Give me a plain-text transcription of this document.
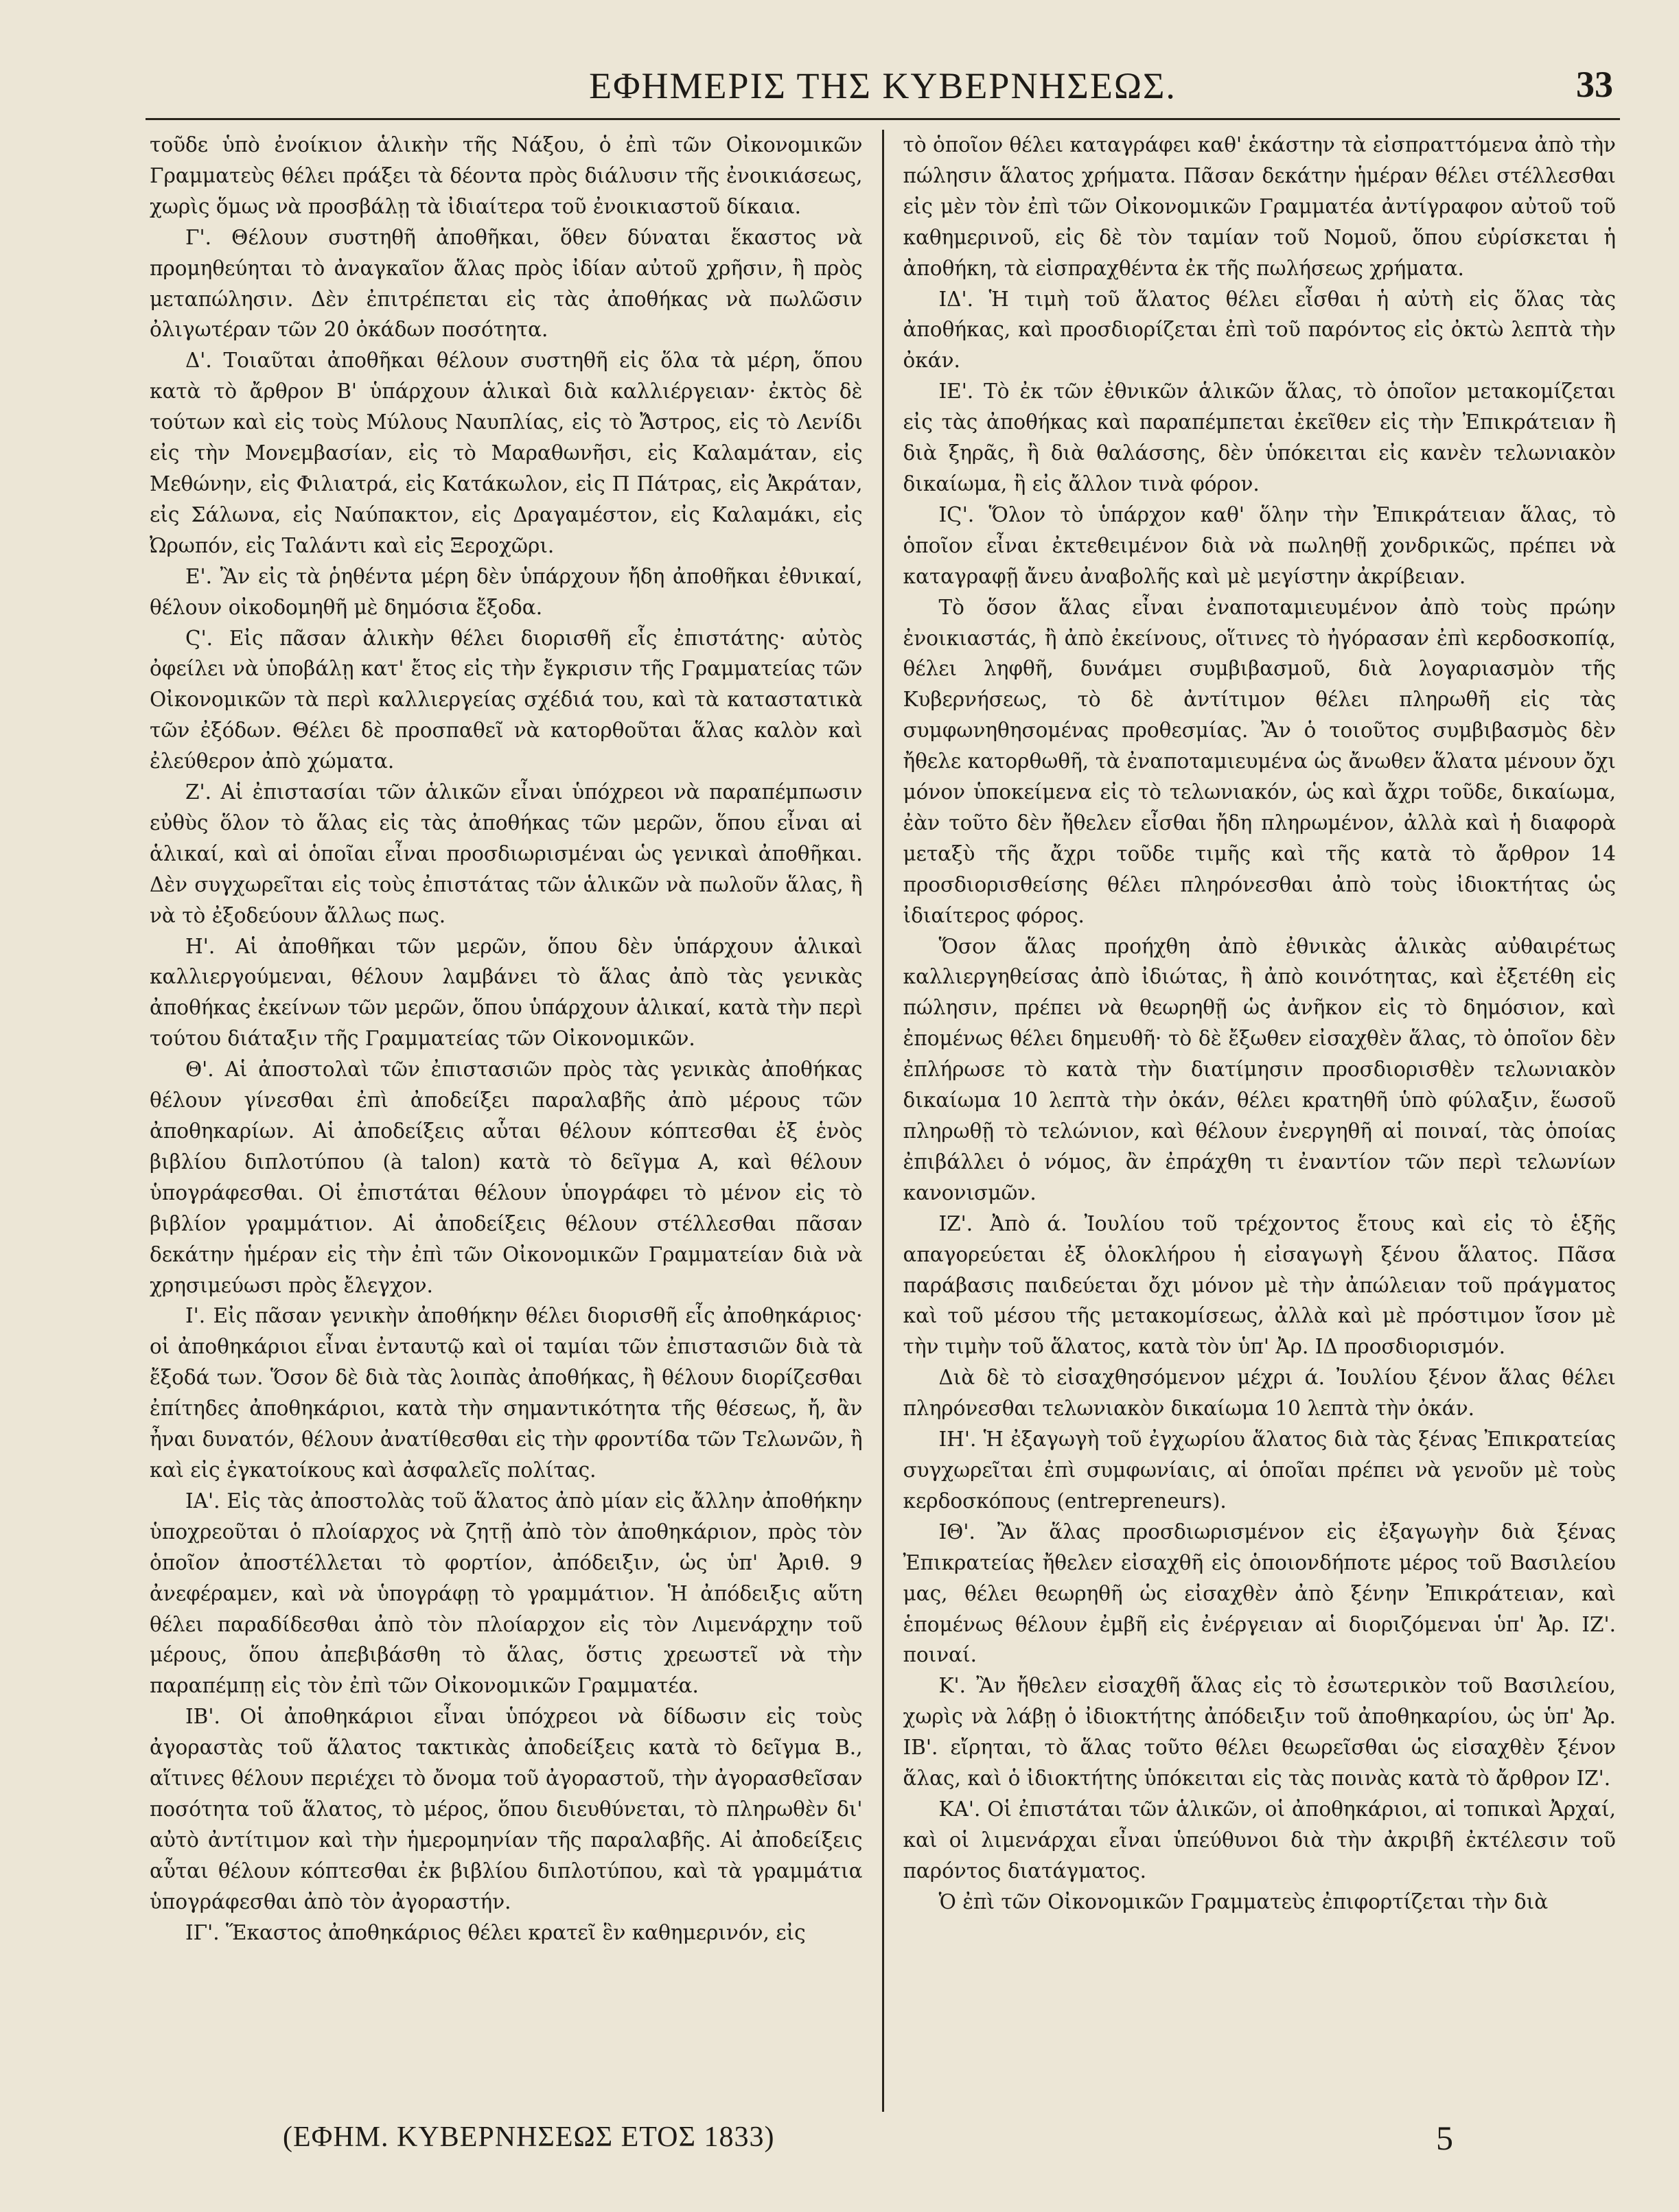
ΕΦΗΜΕΡΙΣ ΤΗΣ ΚΥΒΕΡΝΗΣΕΩΣ.	33

τοῦδε ὑπὸ ἐνοίκιον ἁλικὴν τῆς Νάξου, ὁ ἐπὶ τῶν Οἰκονομικῶν Γραμματεὺς θέλει πράξει τὰ δέοντα πρὸς διάλυσιν τῆς ἐνοικιάσεως, χωρὶς ὅμως νὰ προσβάλῃ τὰ ἰδιαίτερα τοῦ ἐνοικιαστοῦ δίκαια.

Γ'. Θέλουν συστηθῆ ἀποθῆκαι, ὅθεν δύναται ἕκαστος νὰ προμηθεύηται τὸ ἀναγκαῖον ἅλας πρὸς ἰδίαν αὐτοῦ χρῆσιν, ἢ πρὸς μεταπώλησιν. Δὲν ἐπιτρέπεται εἰς τὰς ἀποθήκας νὰ πωλῶσιν ὀλιγωτέραν τῶν 20 ὀκάδων ποσότητα.

Δ'. Τοιαῦται ἀποθῆκαι θέλουν συστηθῆ εἰς ὅλα τὰ μέρη, ὅπου κατὰ τὸ ἄρθρον Β' ὑπάρχουν ἁλικαὶ διὰ καλλιέργειαν· ἐκτὸς δὲ τούτων καὶ εἰς τοὺς Μύλους Ναυπλίας, εἰς τὸ Ἄστρος, εἰς τὸ Λενίδι εἰς τὴν Μονεμβασίαν, εἰς τὸ Μαραθωνῆσι, εἰς Καλαμάταν, εἰς Μεθώνην, εἰς Φιλιατρά, εἰς Κατάκωλον, εἰς Π Πάτρας, εἰς Ἀκράταν, εἰς Σάλωνα, εἰς Ναύπακτον, εἰς Δραγαμέστον, εἰς Καλαμάκι, εἰς Ὠρωπόν, εἰς Ταλάντι καὶ εἰς Ξεροχῶρι.

Ε'. Ἂν εἰς τὰ ῥηθέντα μέρη δὲν ὑπάρχουν ἤδη ἀποθῆκαι ἐθνικαί, θέλουν οἰκοδομηθῆ μὲ δημόσια ἔξοδα.

Ϛ'. Εἰς πᾶσαν ἁλικὴν θέλει διορισθῆ εἷς ἐπιστάτης· αὐτὸς ὀφείλει νὰ ὑποβάλῃ κατ' ἔτος εἰς τὴν ἔγκρισιν τῆς Γραμματείας τῶν Οἰκονομικῶν τὰ περὶ καλλιεργείας σχέδιά του, καὶ τὰ καταστατικὰ τῶν ἐξόδων. Θέλει δὲ προσπαθεῖ νὰ κατορθοῦται ἅλας καλὸν καὶ ἐλεύθερον ἀπὸ χώματα.

Ζ'. Αἱ ἐπιστασίαι τῶν ἁλικῶν εἶναι ὑπόχρεοι νὰ παραπέμπωσιν εὐθὺς ὅλον τὸ ἅλας εἰς τὰς ἀποθήκας τῶν μερῶν, ὅπου εἶναι αἱ ἁλικαί, καὶ αἱ ὁποῖαι εἶναι προσδιωρισμέναι ὡς γενικαὶ ἀποθῆκαι. Δὲν συγχωρεῖται εἰς τοὺς ἐπιστάτας τῶν ἁλικῶν νὰ πωλοῦν ἅλας, ἢ νὰ τὸ ἐξοδεύουν ἄλλως πως.

Η'. Αἱ ἀποθῆκαι τῶν μερῶν, ὅπου δὲν ὑπάρχουν ἁλικαὶ καλλιεργούμεναι, θέλουν λαμβάνει τὸ ἅλας ἀπὸ τὰς γενικὰς ἀποθήκας ἐκείνων τῶν μερῶν, ὅπου ὑπάρχουν ἁλικαί, κατὰ τὴν περὶ τούτου διάταξιν τῆς Γραμματείας τῶν Οἰκονομικῶν.

Θ'. Αἱ ἀποστολαὶ τῶν ἐπιστασιῶν πρὸς τὰς γενικὰς ἀποθήκας θέλουν γίνεσθαι ἐπὶ ἀποδείξει παραλαβῆς ἀπὸ μέρους τῶν ἀποθηκαρίων. Αἱ ἀποδείξεις αὗται θέλουν κόπτεσθαι ἐξ ἑνὸς βιβλίου διπλοτύπου (à talon) κατὰ τὸ δεῖγμα Α, καὶ θέλουν ὑπογράφεσθαι. Οἱ ἐπιστάται θέλουν ὑπογράφει τὸ μένον εἰς τὸ βιβλίον γραμμάτιον. Αἱ ἀποδείξεις θέλουν στέλλεσθαι πᾶσαν δεκάτην ἡμέραν εἰς τὴν ἐπὶ τῶν Οἰκονομικῶν Γραμματείαν διὰ νὰ χρησιμεύωσι πρὸς ἔλεγχον.

Ι'. Εἰς πᾶσαν γενικὴν ἀποθήκην θέλει διορισθῆ εἷς ἀποθηκάριος· οἱ ἀποθηκάριοι εἶναι ἐνταυτῷ καὶ οἱ ταμίαι τῶν ἐπιστασιῶν διὰ τὰ ἔξοδά των. Ὅσον δὲ διὰ τὰς λοιπὰς ἀποθήκας, ἢ θέλουν διορίζεσθαι ἐπίτηδες ἀποθηκάριοι, κατὰ τὴν σημαντικότητα τῆς θέσεως, ἤ, ἂν ἦναι δυνατόν, θέλουν ἀνατίθεσθαι εἰς τὴν φροντίδα τῶν Τελωνῶν, ἢ καὶ εἰς ἐγκατοίκους καὶ ἀσφαλεῖς πολίτας.

ΙΑ'. Εἰς τὰς ἀποστολὰς τοῦ ἅλατος ἀπὸ μίαν εἰς ἄλλην ἀποθήκην ὑποχρεοῦται ὁ πλοίαρχος νὰ ζητῇ ἀπὸ τὸν ἀποθηκάριον, πρὸς τὸν ὁποῖον ἀποστέλλεται τὸ φορτίον, ἀπόδειξιν, ὡς ὑπ' Ἀριθ. 9 ἀνεφέραμεν, καὶ νὰ ὑπογράφῃ τὸ γραμμάτιον. Ἡ ἀπόδειξις αὕτη θέλει παραδίδεσθαι ἀπὸ τὸν πλοίαρχον εἰς τὸν Λιμενάρχην τοῦ μέρους, ὅπου ἀπεβιβάσθη τὸ ἅλας, ὅστις χρεωστεῖ νὰ τὴν παραπέμπῃ εἰς τὸν ἐπὶ τῶν Οἰκονομικῶν Γραμματέα.

ΙΒ'. Οἱ ἀποθηκάριοι εἶναι ὑπόχρεοι νὰ δίδωσιν εἰς τοὺς ἀγοραστὰς τοῦ ἅλατος τακτικὰς ἀποδείξεις κατὰ τὸ δεῖγμα Β., αἵτινες θέλουν περιέχει τὸ ὄνομα τοῦ ἀγοραστοῦ, τὴν ἀγορασθεῖσαν ποσότητα τοῦ ἅλατος, τὸ μέρος, ὅπου διευθύνεται, τὸ πληρωθὲν δι' αὐτὸ ἀντίτιμον καὶ τὴν ἡμερομηνίαν τῆς παραλαβῆς. Αἱ ἀποδείξεις αὗται θέλουν κόπτεσθαι ἐκ βιβλίου διπλοτύπου, καὶ τὰ γραμμάτια ὑπογράφεσθαι ἀπὸ τὸν ἀγοραστήν.

ΙΓ'. Ἕκαστος ἀποθηκάριος θέλει κρατεῖ ἓν καθημερινόν, εἰς

τὸ ὁποῖον θέλει καταγράφει καθ' ἑκάστην τὰ εἰσπραττόμενα ἀπὸ τὴν πώλησιν ἅλατος χρήματα. Πᾶσαν δεκάτην ἡμέραν θέλει στέλλεσθαι εἰς μὲν τὸν ἐπὶ τῶν Οἰκονομικῶν Γραμματέα ἀντίγραφον αὐτοῦ τοῦ καθημερινοῦ, εἰς δὲ τὸν ταμίαν τοῦ Νομοῦ, ὅπου εὑρίσκεται ἡ ἀποθήκη, τὰ εἰσπραχθέντα ἐκ τῆς πωλήσεως χρήματα.

ΙΔ'. Ἡ τιμὴ τοῦ ἅλατος θέλει εἶσθαι ἡ αὐτὴ εἰς ὅλας τὰς ἀποθήκας, καὶ προσδιορίζεται ἐπὶ τοῦ παρόντος εἰς ὀκτὼ λεπτὰ τὴν ὀκάν.

ΙΕ'. Τὸ ἐκ τῶν ἐθνικῶν ἁλικῶν ἅλας, τὸ ὁποῖον μετακομίζεται εἰς τὰς ἀποθήκας καὶ παραπέμπεται ἐκεῖθεν εἰς τὴν Ἐπικράτειαν ἢ διὰ ξηρᾶς, ἢ διὰ θαλάσσης, δὲν ὑπόκειται εἰς κανὲν τελωνιακὸν δικαίωμα, ἢ εἰς ἄλλον τινὰ φόρον.

ΙϚ'. Ὅλον τὸ ὑπάρχον καθ' ὅλην τὴν Ἐπικράτειαν ἅλας, τὸ ὁποῖον εἶναι ἐκτεθειμένον διὰ νὰ πωληθῇ χονδρικῶς, πρέπει νὰ καταγραφῇ ἄνευ ἀναβολῆς καὶ μὲ μεγίστην ἀκρίβειαν.

Τὸ ὅσον ἅλας εἶναι ἐναποταμιευμένον ἀπὸ τοὺς πρώην ἐνοικιαστάς, ἢ ἀπὸ ἐκείνους, οἵτινες τὸ ἠγόρασαν ἐπὶ κερδοσκοπίᾳ, θέλει ληφθῆ, δυνάμει συμβιβασμοῦ, διὰ λογαριασμὸν τῆς Κυβερνήσεως, τὸ δὲ ἀντίτιμον θέλει πληρωθῆ εἰς τὰς συμφωνηθησομένας προθεσμίας. Ἂν ὁ τοιοῦτος συμβιβασμὸς δὲν ἤθελε κατορθωθῆ, τὰ ἐναποταμιευμένα ὡς ἄνωθεν ἅλατα μένουν ὄχι μόνον ὑποκείμενα εἰς τὸ τελωνιακόν, ὡς καὶ ἄχρι τοῦδε, δικαίωμα, ἐὰν τοῦτο δὲν ἤθελεν εἶσθαι ἤδη πληρωμένον, ἀλλὰ καὶ ἡ διαφορὰ μεταξὺ τῆς ἄχρι τοῦδε τιμῆς καὶ τῆς κατὰ τὸ ἄρθρον 14 προσδιορισθείσης θέλει πληρόνεσθαι ἀπὸ τοὺς ἰδιοκτήτας ὡς ἰδιαίτερος φόρος.

Ὅσον ἅλας προήχθη ἀπὸ ἐθνικὰς ἁλικὰς αὐθαιρέτως καλλιεργηθείσας ἀπὸ ἰδιώτας, ἢ ἀπὸ κοινότητας, καὶ ἐξετέθη εἰς πώλησιν, πρέπει νὰ θεωρηθῇ ὡς ἀνῆκον εἰς τὸ δημόσιον, καὶ ἐπομένως θέλει δημευθῆ· τὸ δὲ ἔξωθεν εἰσαχθὲν ἅλας, τὸ ὁποῖον δὲν ἐπλήρωσε τὸ κατὰ τὴν διατίμησιν προσδιορισθὲν τελωνιακὸν δικαίωμα 10 λεπτὰ τὴν ὀκάν, θέλει κρατηθῆ ὑπὸ φύλαξιν, ἕωσοῦ πληρωθῇ τὸ τελώνιον, καὶ θέλουν ἐνεργηθῆ αἱ ποιναί, τὰς ὁποίας ἐπιβάλλει ὁ νόμος, ἂν ἐπράχθη τι ἐναντίον τῶν περὶ τελωνίων κανονισμῶν.

ΙΖ'. Ἀπὸ ά. Ἰουλίου τοῦ τρέχοντος ἔτους καὶ εἰς τὸ ἑξῆς απαγορεύεται ἐξ ὁλοκλήρου ἡ εἰσαγωγὴ ξένου ἅλατος. Πᾶσα παράβασις παιδεύεται ὄχι μόνον μὲ τὴν ἀπώλειαν τοῦ πράγματος καὶ τοῦ μέσου τῆς μετακομίσεως, ἀλλὰ καὶ μὲ πρόστιμον ἴσον μὲ τὴν τιμὴν τοῦ ἅλατος, κατὰ τὸν ὑπ' Ἀρ. ΙΔ προσδιορισμόν.

Διὰ δὲ τὸ εἰσαχθησόμενον μέχρι ά. Ἰουλίου ξένον ἅλας θέλει πληρόνεσθαι τελωνιακὸν δικαίωμα 10 λεπτὰ τὴν ὀκάν.

ΙΗ'. Ἡ ἐξαγωγὴ τοῦ ἐγχωρίου ἅλατος διὰ τὰς ξένας Ἐπικρατείας συγχωρεῖται ἐπὶ συμφωνίαις, αἱ ὁποῖαι πρέπει νὰ γενοῦν μὲ τοὺς κερδοσκόπους (entrepreneurs).

ΙΘ'. Ἂν ἅλας προσδιωρισμένον εἰς ἐξαγωγὴν διὰ ξένας Ἐπικρατείας ἤθελεν εἰσαχθῆ εἰς ὁποιονδήποτε μέρος τοῦ Βασιλείου μας, θέλει θεωρηθῆ ὡς εἰσαχθὲν ἀπὸ ξένην Ἐπικράτειαν, καὶ ἑπομένως θέλουν ἐμβῆ εἰς ἐνέργειαν αἱ διοριζόμεναι ὑπ' Ἀρ. ΙΖ'. ποιναί.

Κ'. Ἂν ἤθελεν εἰσαχθῆ ἅλας εἰς τὸ ἐσωτερικὸν τοῦ Βασιλείου, χωρὶς νὰ λάβῃ ὁ ἰδιοκτήτης ἀπόδειξιν τοῦ ἀποθηκαρίου, ὡς ὑπ' Ἀρ. ΙΒ'. εἴρηται, τὸ ἅλας τοῦτο θέλει θεωρεῖσθαι ὡς εἰσαχθὲν ξένον ἅλας, καὶ ὁ ἰδιοκτήτης ὑπόκειται εἰς τὰς ποινὰς κατὰ τὸ ἄρθρον ΙΖ'.

ΚΑ'. Οἱ ἐπιστάται τῶν ἁλικῶν, οἱ ἀποθηκάριοι, αἱ τοπικαὶ Ἀρχαί, καὶ οἱ λιμενάρχαι εἶναι ὑπεύθυνοι διὰ τὴν ἀκριβῆ ἐκτέλεσιν τοῦ παρόντος διατάγματος.

Ὁ ἐπὶ τῶν Οἰκονομικῶν Γραμματεὺς ἐπιφορτίζεται τὴν διὰ

(ΕΦΗΜ. ΚΥΒΕΡΝΗΣΕΩΣ ΕΤΟΣ 1833)	5
